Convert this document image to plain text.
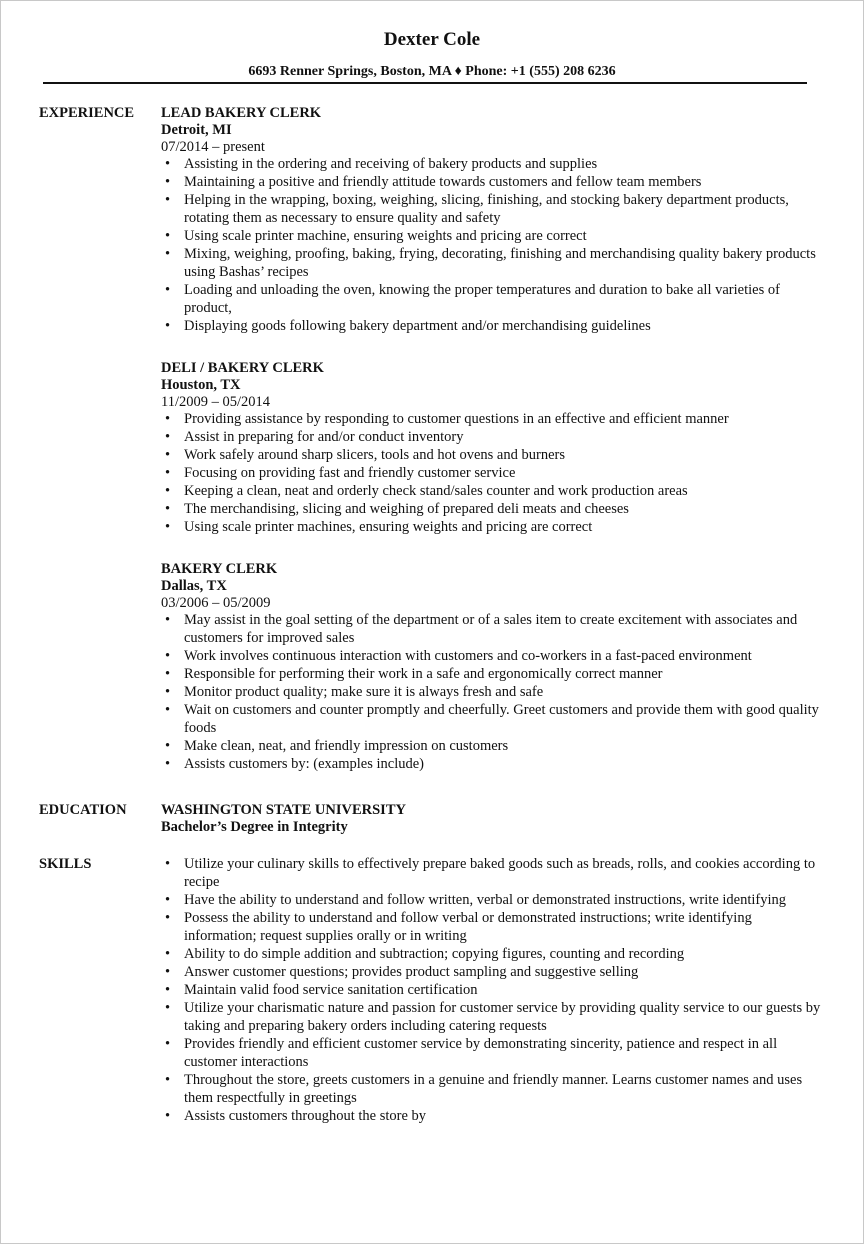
Dexter Cole
6693 Renner Springs, Boston, MA ♦ Phone: +1 (555) 208 6236
EXPERIENCE LEAD BAKERY CLERK
Detroit, MI
07/2014 – present
• Assisting in the ordering and receiving of bakery products and supplies
• Maintaining a positive and friendly attitude towards customers and fellow team members
• Helping in the wrapping, boxing, weighing, slicing, finishing, and stocking bakery department products, rotating them as necessary to ensure quality and safety
• Using scale printer machine, ensuring weights and pricing are correct
• Mixing, weighing, proofing, baking, frying, decorating, finishing and merchandising quality bakery products using Bashas’ recipes
• Loading and unloading the oven, knowing the proper temperatures and duration to bake all varieties of product,
• Displaying goods following bakery department and/or merchandising guidelines
DELI / BAKERY CLERK
Houston, TX
11/2009 – 05/2014
• Providing assistance by responding to customer questions in an effective and efficient manner
• Assist in preparing for and/or conduct inventory
• Work safely around sharp slicers, tools and hot ovens and burners
• Focusing on providing fast and friendly customer service
• Keeping a clean, neat and orderly check stand/sales counter and work production areas
• The merchandising, slicing and weighing of prepared deli meats and cheeses
• Using scale printer machines, ensuring weights and pricing are correct
BAKERY CLERK
Dallas, TX
03/2006 – 05/2009
• May assist in the goal setting of the department or of a sales item to create excitement with associates and customers for improved sales
• Work involves continuous interaction with customers and co-workers in a fast-paced environment
• Responsible for performing their work in a safe and ergonomically correct manner
• Monitor product quality; make sure it is always fresh and safe
• Wait on customers and counter promptly and cheerfully. Greet customers and provide them with good quality foods
• Make clean, neat, and friendly impression on customers
• Assists customers by: (examples include)
EDUCATION WASHINGTON STATE UNIVERSITY
Bachelor’s Degree in Integrity
SKILLS
•	Utilize your culinary skills to effectively prepare baked goods such as breads, rolls, and cookies according to recipe
• Have the ability to understand and follow written, verbal or demonstrated instructions, write identifying
• Possess the ability to understand and follow verbal or demonstrated instructions; write identifying information; request supplies orally or in writing
• Ability to do simple addition and subtraction; copying figures, counting and recording
• Answer customer questions; provides product sampling and suggestive selling
• Maintain valid food service sanitation certification
• Utilize your charismatic nature and passion for customer service by providing quality service to our guests by taking and preparing bakery orders including catering requests
• Provides friendly and efficient customer service by demonstrating sincerity, patience and respect in all customer interactions
• Throughout the store, greets customers in a genuine and friendly manner. Learns customer names and uses them respectfully in greetings
• Assists customers throughout the store by
